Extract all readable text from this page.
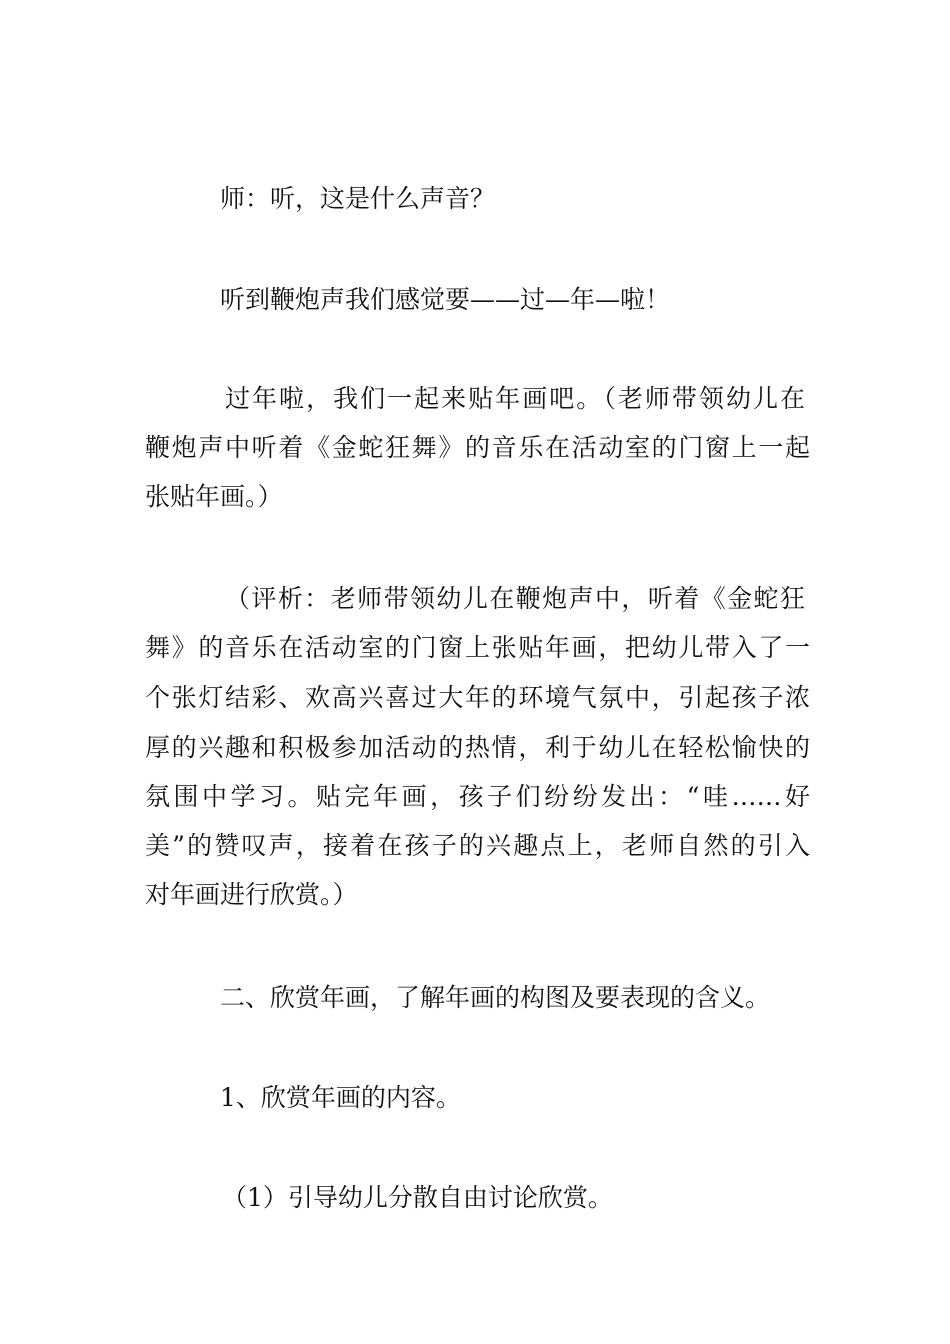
师：听，这是什么声音？
听到鞭炮声我们感觉要——过—年—啦！
过年啦，我们一起来贴年画吧。（老师带领幼儿在
鞭炮声中听着《金蛇狂舞》的音乐在活动室的门窗上一起
张贴年画。）
（评析：老师带领幼儿在鞭炮声中，听着《金蛇狂
舞》的音乐在活动室的门窗上张贴年画，把幼儿带入了一
个张灯结彩、欢高兴喜过大年的环境气氛中，引起孩子浓
厚的兴趣和积极参加活动的热情，利于幼儿在轻松愉快的
氛围中学习。贴完年画，孩子们纷纷发出：“哇……好
美”的赞叹声，接着在孩子的兴趣点上，老师自然的引入
对年画进行欣赏。）
二、欣赏年画，了解年画的构图及要表现的含义。
1、欣赏年画的内容。
（1）引导幼儿分散自由讨论欣赏。
